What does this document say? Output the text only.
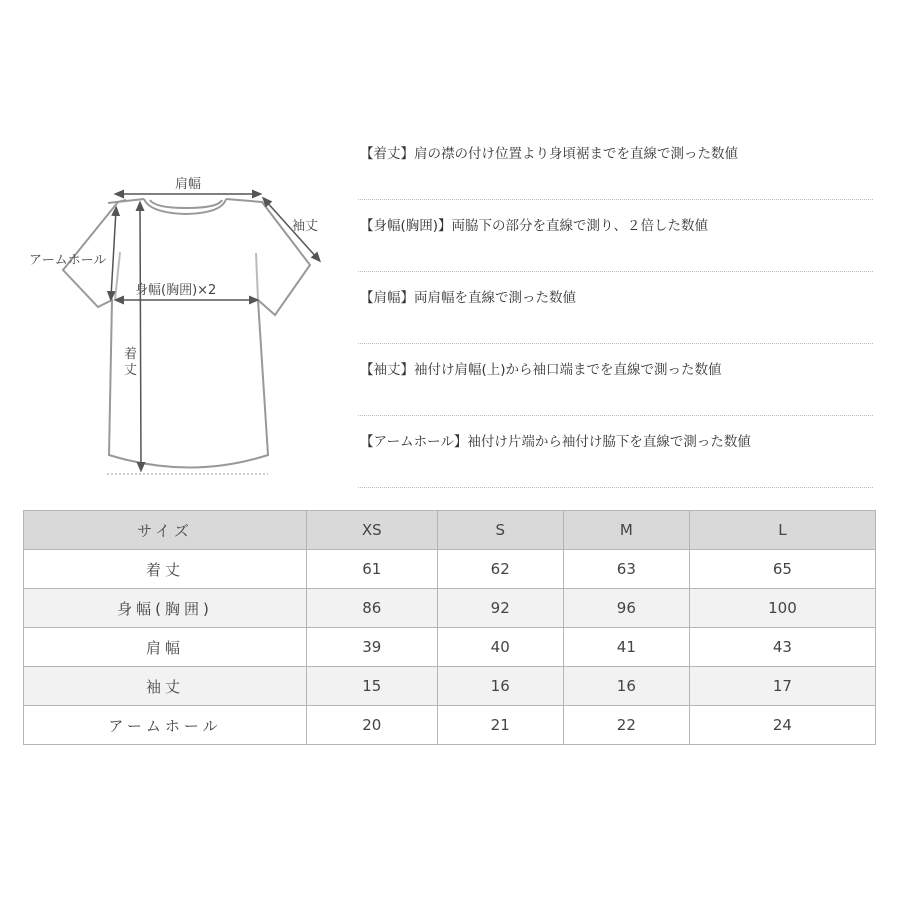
肩幅
袖丈
アームホール
身幅(胸囲)×2
着
丈
【着丈】肩の襟の付け位置より身頃裾までを直線で測った数値
【身幅(胸囲)】両脇下の部分を直線で測り、２倍した数値
【肩幅】両肩幅を直線で測った数値
【袖丈】袖付け肩幅(上)から袖口端までを直線で測った数値
【アームホール】袖付け片端から袖付け脇下を直線で測った数値
サイズ	XS	S	M	L
着丈	61	62	63	65
身幅(胸囲)	86	92	96	100
肩幅	39	40	41	43
袖丈	15	16	16	17
アームホール	20	21	22	24
